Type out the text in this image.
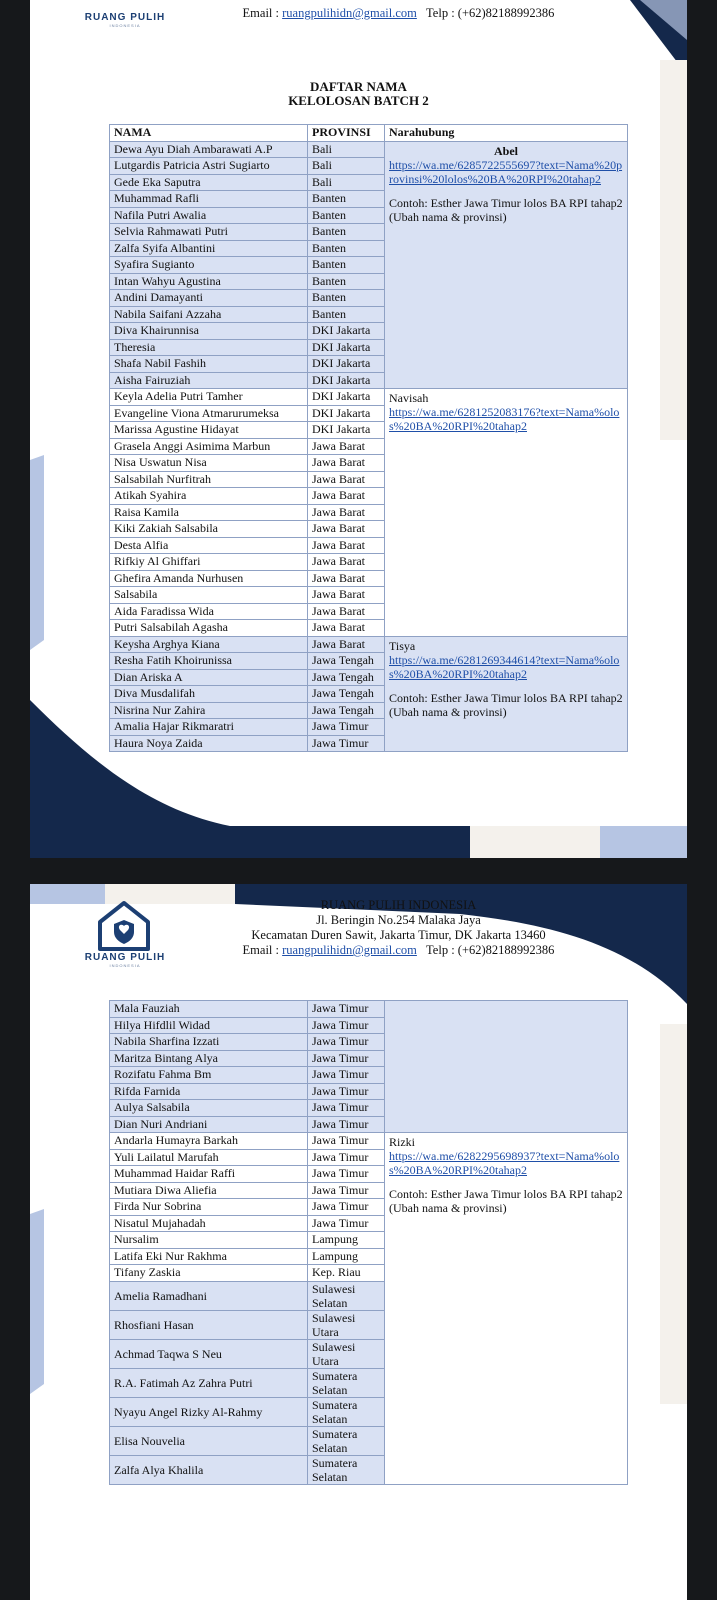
RUANG PULIH
INDONESIA
Email : ruangpulihidn@gmail.com Telp : (+62)82188992386
DAFTAR NAMA
KELOLOSAN BATCH 2
NAMA	PROVINSI	Narahubung
Dewa Ayu Diah Ambarawati A.P	Bali	Abel
https://wa.me/6285722555697?text=Nama%20provinsi%20lolos%20BA%20RPI%20tahap2
Contoh: Esther Jawa Timur lolos BA RPI tahap2
(Ubah nama & provinsi)

Lutgardis Patricia Astri Sugiarto	Bali	
Gede Eka Saputra	Bali	
Muhammad Rafli	Banten	
Nafila Putri Awalia	Banten	
Selvia Rahmawati Putri	Banten	
Zalfa Syifa Albantini	Banten	
Syafira Sugianto	Banten	
Intan Wahyu Agustina	Banten	
Andini Damayanti	Banten	
Nabila Saifani Azzaha	Banten	
Diva Khairunnisa	DKI Jakarta	
Theresia	DKI Jakarta	
Shafa Nabil Fashih	DKI Jakarta	
Aisha Fairuziah	DKI Jakarta	
Keyla Adelia Putri Tamher	DKI Jakarta	Navisah
https://wa.me/6281252083176?text=Nama%olos%20BA%20RPI%20tahap2
Evangeline Viona Atmarurumeksa	DKI Jakarta	
Marissa Agustine Hidayat	DKI Jakarta	
Grasela Anggi Asimima Marbun	Jawa Barat	
Nisa Uswatun Nisa	Jawa Barat	
Salsabilah Nurfitrah	Jawa Barat	
Atikah Syahira	Jawa Barat	
Raisa Kamila	Jawa Barat	
Kiki Zakiah Salsabila	Jawa Barat	
Desta Alfia	Jawa Barat	
Rifkiy Al Ghiffari	Jawa Barat	
Ghefira Amanda Nurhusen	Jawa Barat	
Salsabila	Jawa Barat	
Aida Faradissa Wida	Jawa Barat	
Putri Salsabilah Agasha	Jawa Barat	
Keysha Arghya Kiana	Jawa Barat	Tisya
https://wa.me/6281269344614?text=Nama%olos%20BA%20RPI%20tahap2
Contoh: Esther Jawa Timur lolos BA RPI tahap2
(Ubah nama & provinsi)

Resha Fatih Khoirunissa	Jawa Tengah	
Dian Ariska A	Jawa Tengah	
Diva Musdalifah	Jawa Tengah	
Nisrina Nur Zahira	Jawa Tengah	
Amalia Hajar Rikmaratri	Jawa Timur	
Haura Noya Zaida	Jawa Timur	
RUANG PULIH
INDONESIA
RUANG PULIH INDONESIA
Jl. Beringin No.254 Malaka Jaya
Kecamatan Duren Sawit, Jakarta Timur, DK Jakarta 13460
Email : ruangpulihidn@gmail.com Telp : (+62)82188992386
Mala Fauziah	Jawa Timur	
Hilya Hifdlil Widad	Jawa Timur	
Nabila Sharfina Izzati	Jawa Timur	
Maritza Bintang Alya	Jawa Timur	
Rozifatu Fahma Bm	Jawa Timur	
Rifda Farnida	Jawa Timur	
Aulya Salsabila	Jawa Timur	
Dian Nuri Andriani	Jawa Timur	
Andarla Humayra Barkah	Jawa Timur	Rizki
https://wa.me/6282295698937?text=Nama%olos%20BA%20RPI%20tahap2
Contoh: Esther Jawa Timur lolos BA RPI tahap2
(Ubah nama & provinsi)

Yuli Lailatul Marufah	Jawa Timur	
Muhammad Haidar Raffi	Jawa Timur	
Mutiara Diwa Aliefia	Jawa Timur	
Firda Nur Sobrina	Jawa Timur	
Nisatul Mujahadah	Jawa Timur	
Nursalim	Lampung	
Latifa Eki Nur Rakhma	Lampung	
Tifany Zaskia	Kep. Riau	
Amelia Ramadhani	Sulawesi Selatan	
Rhosfiani Hasan	Sulawesi Utara	
Achmad Taqwa S Neu	Sulawesi Utara	
R.A. Fatimah Az Zahra Putri	Sumatera Selatan	
Nyayu Angel Rizky Al-Rahmy	Sumatera Selatan	
Elisa Nouvelia	Sumatera Selatan	
Zalfa Alya Khalila	Sumatera Selatan	
